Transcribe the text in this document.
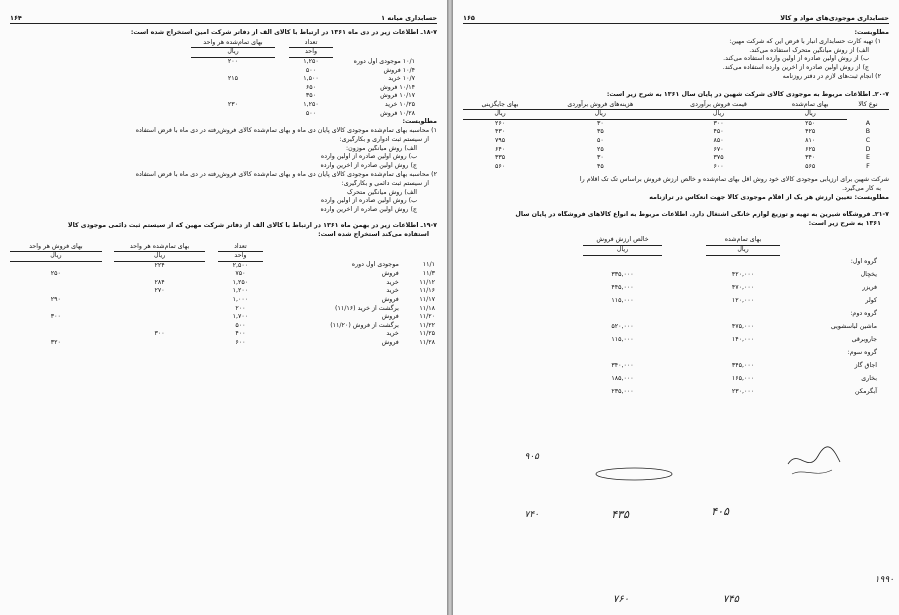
حسابداری میانه ۱
۱۶۴
۱۸-۷ـ اطلاعات زیر در دی ماه ۱۳۶۱ در ارتباط با کالای الف از دفاتر شرکت امین استخراج شده است:
	تعداد		بهای تمام‌شده هر واحد
	واحد		ریال
۱۰/۱ موجودی اول دوره	۱,۲۵۰		۲۰۰
۱۰/۴ فروش	۵۰۰		
۱۰/۷ خرید	۱,۵۰۰		۲۱۵
۱۰/۱۴ فروش	۶۵۰		
۱۰/۱۷ فروش	۳۵۰		
۱۰/۲۵ خرید	۱,۲۵۰		۲۳۰
۱۰/۲۸ فروش	۵۰۰		
مطلوبست:
۱) محاسبه بهای تمام‌شده موجودی کالای پایان دی ماه و بهای تمام‌شده کالای فروش‌رفته در دی ماه با فرض استفاده
از سیستم ثبت ادواری و بکارگیری:
الف) روش میانگین موزون:
ب) روش اولین صادره از اولین وارده
ج) روش اولین صادره از آخرین وارده
۲) محاسبه بهای تمام‌شده موجودی کالای پایان دی ماه و بهای تمام‌شده کالای فروش‌رفته در دی ماه با فرض استفاده
از سیستم ثبت دائمی و بکارگیری:
الف) روش میانگین متحرک
ب) روش اولین صادره از اولین وارده
ج) روش اولین صادره از آخرین وارده
۱۹-۷ـ اطلاعات زیر در بهمن ماه ۱۳۶۱ در ارتباط با کالای الف از دفاتر شرکت مهین که از سیستم ثبت دائمی موجودی کالا
استفاده می‌کند استخراج شده است:
		تعداد		بهای تمام‌شده هر واحد		بهای فروش هر واحد
		واحد		ریال		ریال
۱۱/۱	موجودی اول دوره	۲,۵۰۰		۲۲۴		
۱۱/۳	فروش	۷۵۰				۲۵۰
۱۱/۱۲	خرید	۱,۲۵۰		۲۸۴		
۱۱/۱۶	خرید	۱,۲۰۰		۲۷۰		
۱۱/۱۷	فروش	۱,۰۰۰				۲۹۰
۱۱/۱۸	برگشت از خرید (۱۱/۱۶)	۲۰۰				
۱۱/۲۰	فروش	۱,۷۰۰				۳۰۰
۱۱/۲۲	برگشت از فروش (۱۱/۲۰)	۵۰۰				
۱۱/۲۵	خرید	۴۰۰		۳۰۰		
۱۱/۲۸	فروش	۶۰۰				۳۲۰
حسابداری موجودی‌های مواد و کالا
۱۶۵
مطلوبست:
۱) تهیه کارت حسابداری انبار با فرض این که شرکت مهین:
الف) از روش میانگین متحرک استفاده می‌کند.
ب) از روش اولین صادره از اولین وارده استفاده می‌کند.
ج) از روش اولین صادره از آخرین وارده استفاده می‌کند.
۲) انجام ثبت‌های لازم در دفتر روزنامه
۲۰-۷ـ اطلاعات مربوط به موجودی کالای شرکت شهین در پایان سال ۱۳۶۱ به شرح زیر است:
نوع کالا	بهای تمام‌شده	قیمت فروش برآوردی	هزینه‌های فروش برآوردی	بهای جایگزینی
	ریال	ریال	ریال	ریال
A	۲۵۰	۳۰۰	۳۰	۲۶۰
B	۴۲۵	۴۵۰	۳۵	۴۳۰
C	۸۱۰	۸۵۰	۵۰	۷۹۵
D	۶۲۵	۶۷۰	۲۵	۶۴۰
E	۳۴۰	۳۷۵	۳۰	۳۳۵
F	۵۶۵	۶۰۰	۴۵	۵۶۰
شرکت شهین برای ارزیابی موجودی کالای خود روش اقل بهای تمام‌شده و خالص ارزش فروش براساس تک تک اقلام را
به کار می‌گیرد.
مطلوبست: تعیین ارزش هر یک از اقلام موجودی کالا جهت انعکاس در ترازنامه
۲۱-۷ـ فروشگاه شیرین به تهیه و توزیع لوازم خانگی اشتغال دارد. اطلاعات مربوط به انواع کالاهای فروشگاه در پایان سال
۱۳۶۱ به شرح زیر است:
	بهای تمام‌شده		خالص ارزش فروش
	ریال		ریال
گروه اول:			
یخچال	۴۲۰,۰۰۰		۳۳۵,۰۰۰
فریزر	۴۷۰,۰۰۰		۴۴۵,۰۰۰
کولر	۱۲۰,۰۰۰		۱۱۵,۰۰۰
گروه دوم:			
ماشین لباسشویی	۴۷۵,۰۰۰		۵۲۰,۰۰۰
جاروبرقی	۱۴۰,۰۰۰		۱۱۵,۰۰۰
گروه سوم:			
اجاق گاز	۳۴۵,۰۰۰		۳۴۰,۰۰۰
بخاری	۱۶۵,۰۰۰		۱۸۵,۰۰۰
آبگرمکن	۲۳۰,۰۰۰		۲۳۵,۰۰۰
۹۰۵
۴۳۵	۴۰۵
۷۴۰
۱۹۹۰
۷۶۰	۷۴۵
